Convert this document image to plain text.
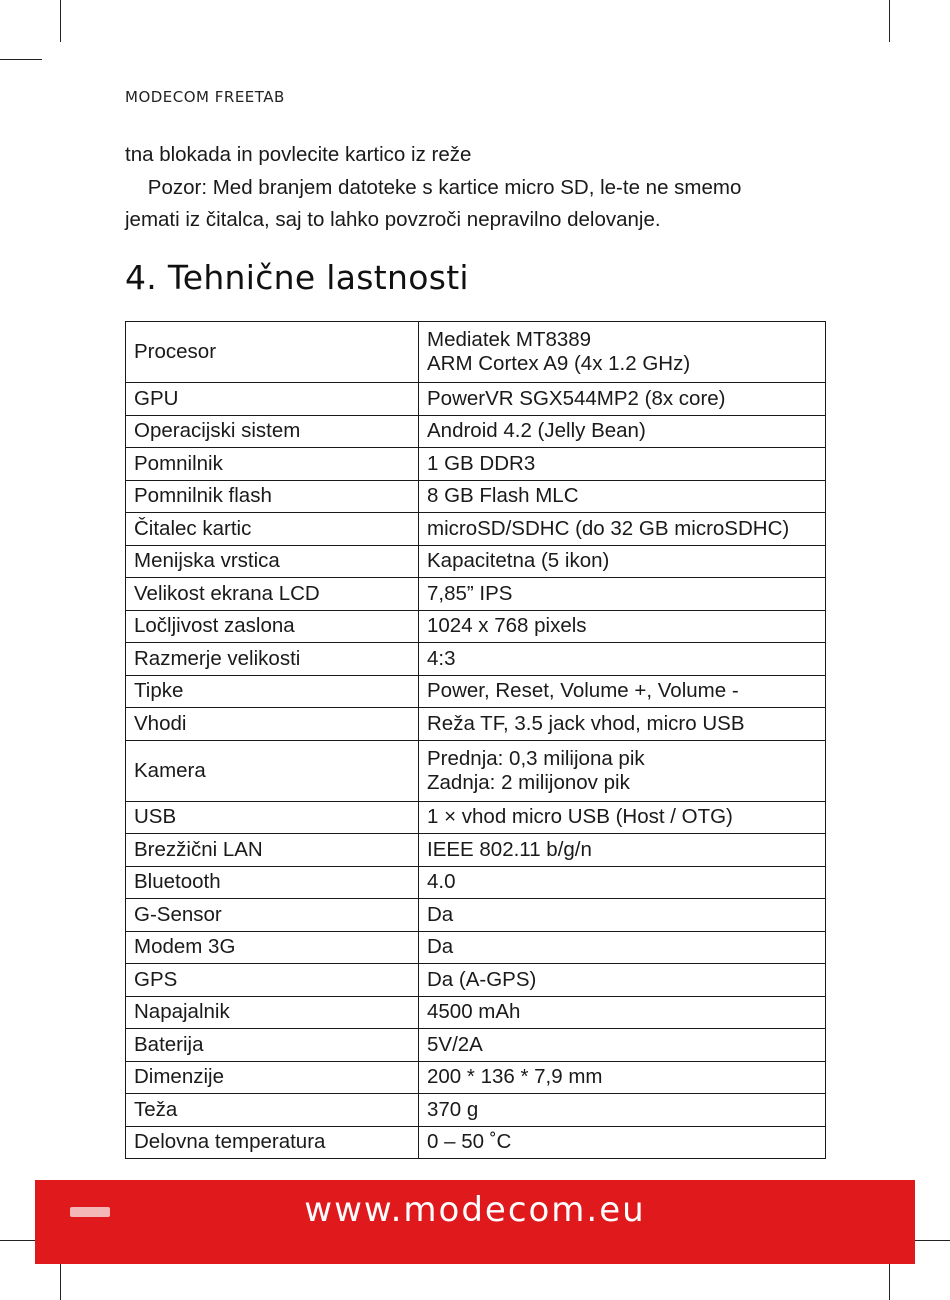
MODECOM FREETAB
tna blokada in povlecite kartico iz reže
Pozor: Med branjem datoteke s kartice micro SD, le-te ne smemo
jemati iz čitalca, saj to lahko povzroči nepravilno delovanje.
4. Tehnične lastnosti
Procesor	Mediatek MT8389
ARM Cortex A9 (4x 1.2 GHz)
GPU	PowerVR SGX544MP2 (8x core)
Operacijski sistem	Android 4.2 (Jelly Bean)
Pomnilnik	1 GB DDR3
Pomnilnik flash	8 GB Flash MLC
Čitalec kartic	microSD/SDHC (do 32 GB microSDHC)
Menijska vrstica	Kapacitetna (5 ikon)
Velikost ekrana LCD	7,85” IPS
Ločljivost zaslona	1024 x 768 pixels
Razmerje velikosti	4:3
Tipke	Power, Reset, Volume +, Volume -
Vhodi	Reža TF, 3.5 jack vhod, micro USB
Kamera	Prednja: 0,3 milijona pik
Zadnja: 2 milijonov pik
USB	1 × vhod micro USB (Host / OTG)
Brezžični LAN	IEEE 802.11 b/g/n
Bluetooth	4.0
G-Sensor	Da
Modem 3G	Da
GPS	Da (A-GPS)
Napajalnik	4500 mAh
Baterija	5V/2A
Dimenzije	200 * 136 * 7,9 mm
Teža	370 g
Delovna temperatura	0 – 50 ˚C
www.modecom.eu
